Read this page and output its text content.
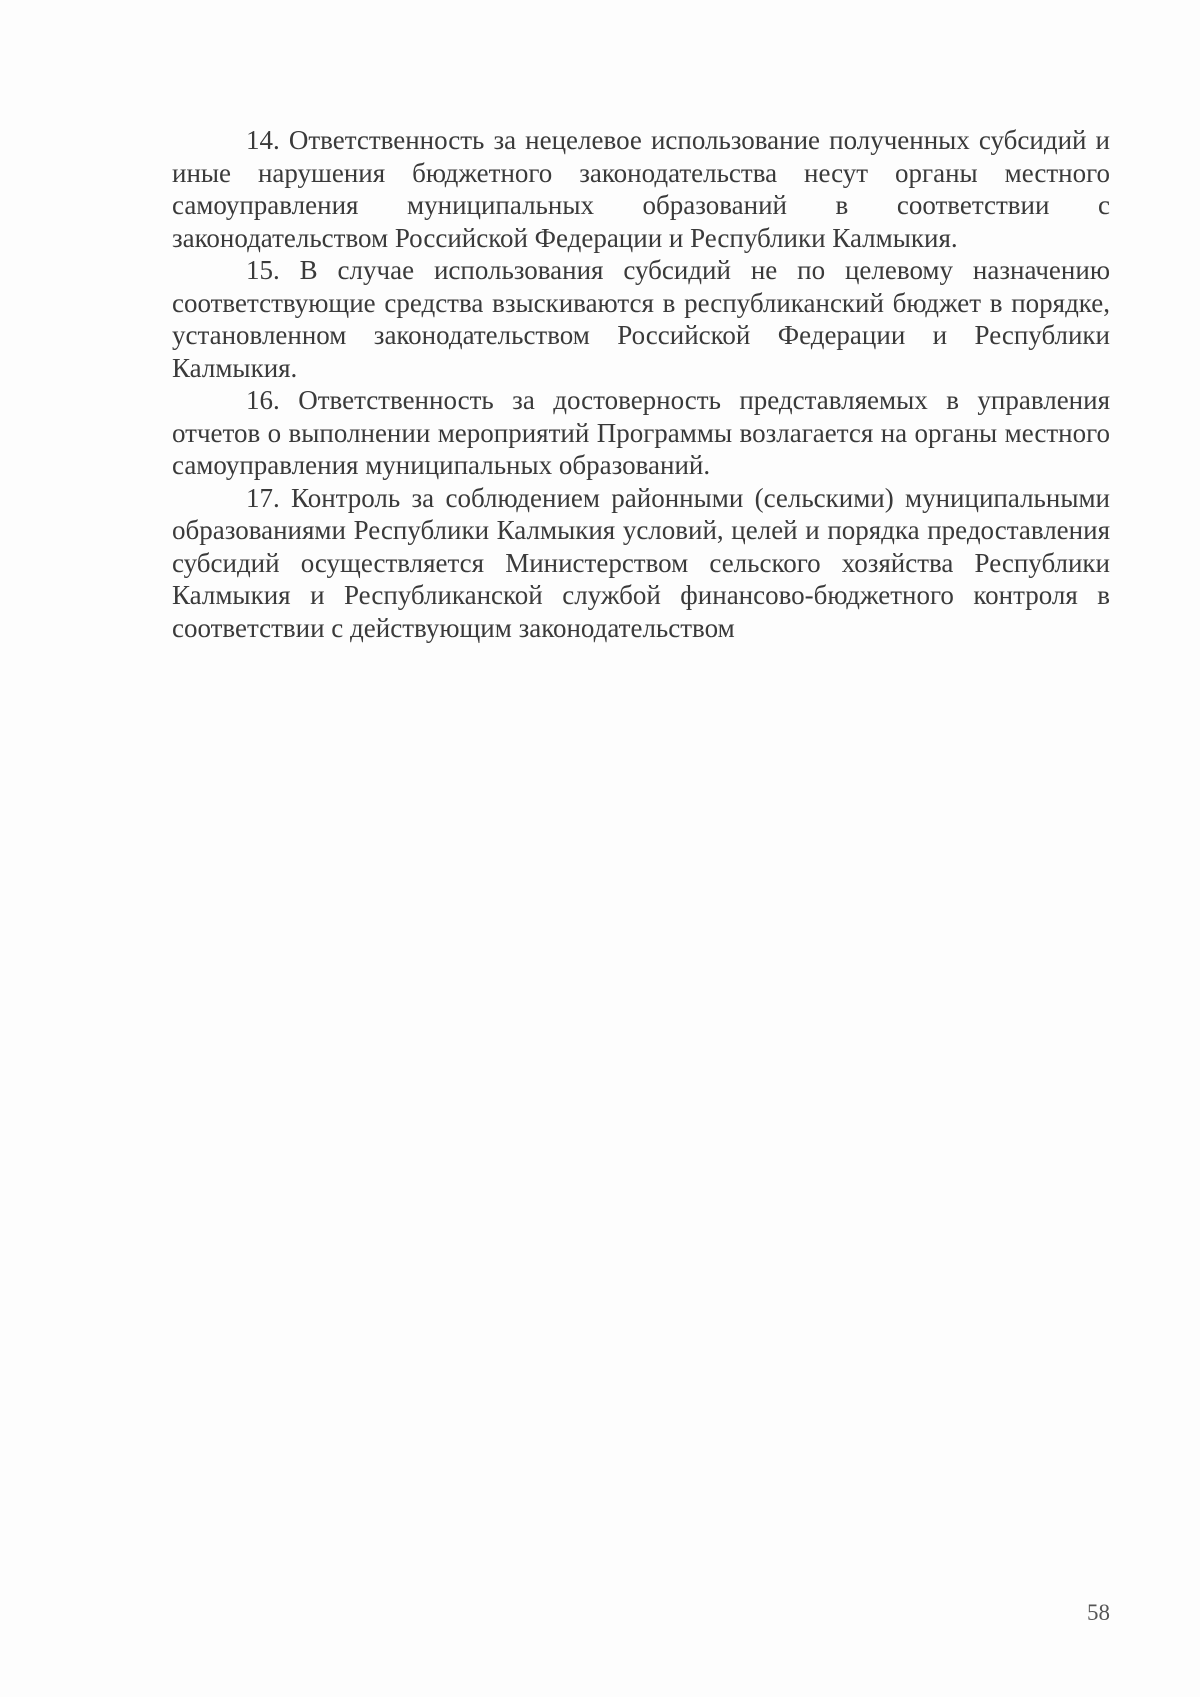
14. Ответственность за нецелевое использование полученных субсидий и иные нарушения бюджетного законодательства несут органы местного самоуправления муниципальных образований в соответствии с законодательством Российской Федерации и Республики Калмыкия.

15. В случае использования субсидий не по целевому назначению соответствующие средства взыскиваются в республиканский бюджет в порядке, установленном законодательством Российской Федерации и Республики Калмыкия.

16. Ответственность за достоверность представляемых в управления отчетов о выполнении мероприятий Программы возлагается на органы местного самоуправления муниципальных образований.

17. Контроль за соблюдением районными (сельскими) муниципальными образованиями Республики Калмыкия условий, целей и порядка предоставления субсидий осуществляется Министерством сельского хозяйства Республики Калмыкия и Республиканской службой финансово-бюджетного контроля в соответствии с действующим законодательством

58
